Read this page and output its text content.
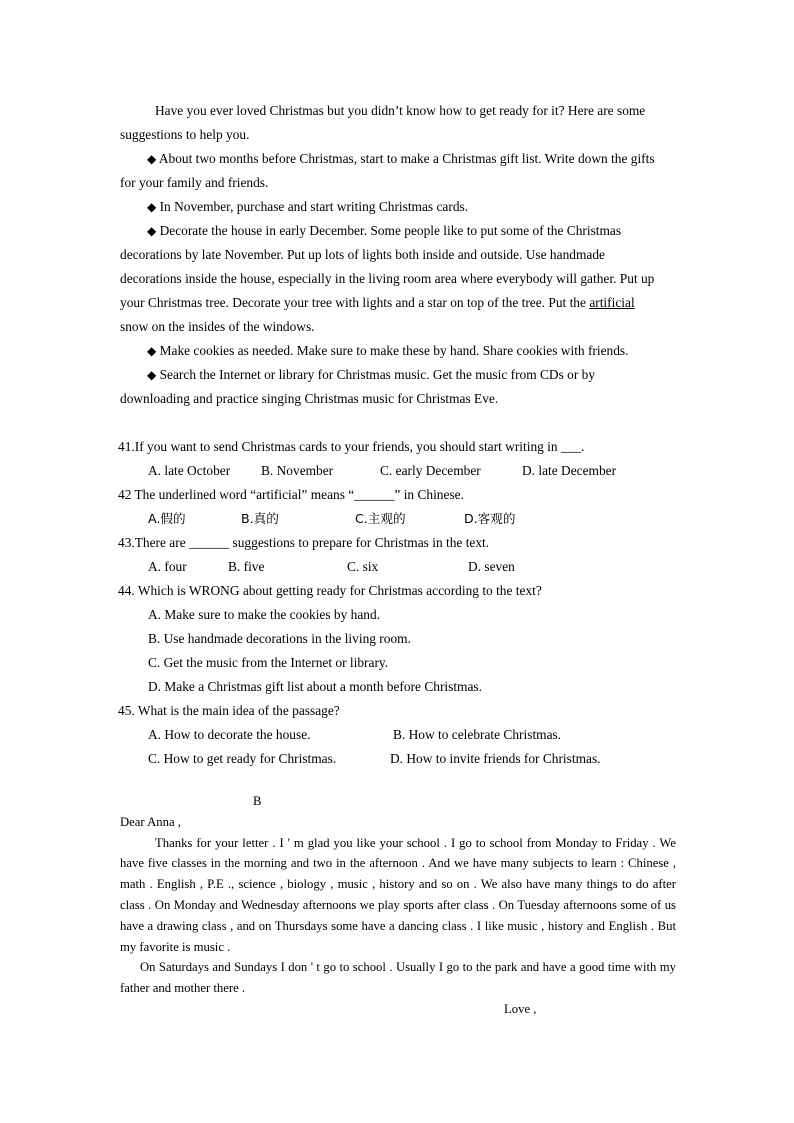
Have you ever loved Christmas but you didn’t know how to get ready for it? Here are some suggestions to help you.

◆ About two months before Christmas, start to make a Christmas gift list. Write down the gifts for your family and friends.

◆ In November, purchase and start writing Christmas cards.

◆ Decorate the house in early December. Some people like to put some of the Christmas decorations by late November. Put up lots of lights both inside and outside. Use handmade decorations inside the house, especially in the living room area where everybody will gather. Put up your Christmas tree. Decorate your tree with lights and a star on top of the tree. Put the artificial snow on the insides of the windows.

◆ Make cookies as needed. Make sure to make these by hand. Share cookies with friends.

◆ Search the Internet or library for Christmas music. Get the music from CDs or by downloading and practice singing Christmas music for Christmas Eve.

41.If you want to send Christmas cards to your friends, you should start writing in ___.

A. late October B. November	C. early December	D. late December

42 The underlined word “artificial” means “______” in Chinese.

A.假的	B.真的	C.主观的	D.客观的

43.There are ______ suggestions to prepare for Christmas in the text.

A. four	B. five	C. six	D. seven

44. Which is WRONG about getting ready for Christmas according to the text?

A. Make sure to make the cookies by hand.

B. Use handmade decorations in the living room.

C. Get the music from the Internet or library.

D. Make a Christmas gift list about a month before Christmas.

45. What is the main idea of the passage?

A. How to decorate the house.	B. How to celebrate Christmas.
C. How to get ready for Christmas.	D. How to invite friends for Christmas.

B

Dear Anna ,

Thanks for your letter . I ' m glad you like your school . I go to school from Monday to Friday . We have five classes in the morning and two in the afternoon . And we have many subjects to learn : Chinese , math . English , P.E ., science , biology , music , history and so on . We also have many things to do after class . On Monday and Wednesday afternoons we play sports after class . On Tuesday afternoons some of us have a drawing class , and on Thursdays some have a dancing class . I like music , history and English . But my favorite is music .

On Saturdays and Sundays I don ' t go to school . Usually I go to the park and have a good time with my father and mother there .

Love ,
